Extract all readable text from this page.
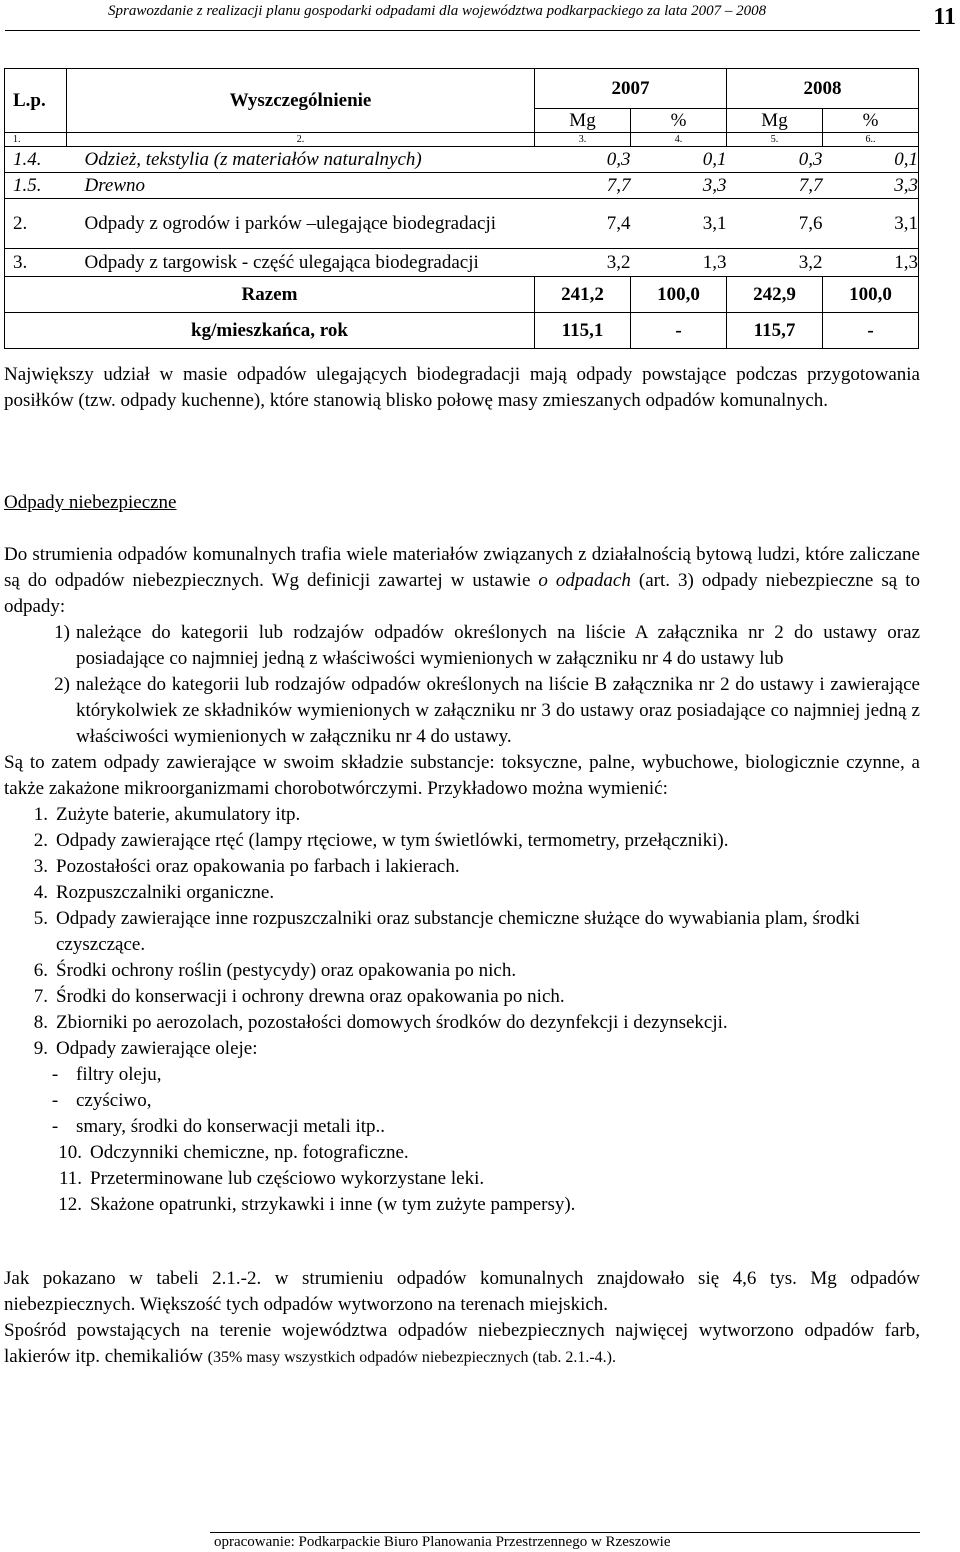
Sprawozdanie z realizacji planu gospodarki odpadami dla województwa podkarpackiego za lata 2007 – 2008	11
L.p.	Wyszczególnienie	2007		2008	
		Mg	%	Mg	%
1.	2.	3.	4.	5.	6..
1.4.	Odzież, tekstylia (z materiałów naturalnych)	0,3	0,1	0,3	0,1
1.5.	Drewno	7,7	3,3	7,7	3,3
2.	Odpady z ogrodów i parków –ulegające biodegradacji	7,4	3,1	7,6	3,1
3.	Odpady z targowisk - część ulegająca biodegradacji	3,2	1,3	3,2	1,3
Razem		241,2	100,0	242,9	100,0
kg/mieszkańca, rok		115,1	-	115,7	-

Największy udział w masie odpadów ulegających biodegradacji mają odpady powstające podczas przygotowania posiłków (tzw. odpady kuchenne), które stanowią blisko połowę masy zmieszanych odpadów komunalnych.

Odpady niebezpieczne

Do strumienia odpadów komunalnych trafia wiele materiałów związanych z działalnością bytową ludzi, które zaliczane są do odpadów niebezpiecznych. Wg definicji zawartej w ustawie o odpadach (art. 3) odpady niebezpieczne są to odpady:

1) należące do kategorii lub rodzajów odpadów określonych na liście A załącznika nr 2 do ustawy oraz posiadające co najmniej jedną z właściwości wymienionych w załączniku nr 4 do ustawy lub
2) należące do kategorii lub rodzajów odpadów określonych na liście B załącznika nr 2 do ustawy i zawierające którykolwiek ze składników wymienionych w załączniku nr 3 do ustawy oraz posiadające co najmniej jedną z właściwości wymienionych w załączniku nr 4 do ustawy.

Są to zatem odpady zawierające w swoim składzie substancje: toksyczne, palne, wybuchowe, biologicznie czynne, a także zakażone mikroorganizmami chorobotwórczymi. Przykładowo można wymienić:

1. Zużyte baterie, akumulatory itp.
2. Odpady zawierające rtęć (lampy rtęciowe, w tym świetlówki, termometry, przełączniki).
3. Pozostałości oraz opakowania po farbach i lakierach.
4. Rozpuszczalniki organiczne.
5. Odpady zawierające inne rozpuszczalniki oraz substancje chemiczne służące do wywabiania plam, środki czyszczące.
6. Środki ochrony roślin (pestycydy) oraz opakowania po nich.
7. Środki do konserwacji i ochrony drewna oraz opakowania po nich.
8. Zbiorniki po aerozolach, pozostałości domowych środków do dezynfekcji i dezynsekcji.
9. Odpady zawierające oleje:
- filtry oleju,
- czyściwo,
- smary, środki do konserwacji metali itp..
10. Odczynniki chemiczne, np. fotograficzne.
11. Przeterminowane lub częściowo wykorzystane leki.
12. Skażone opatrunki, strzykawki i inne (w tym zużyte pampersy).

Jak pokazano w tabeli 2.1.-2. w strumieniu odpadów komunalnych znajdowało się 4,6 tys. Mg odpadów niebezpiecznych. Większość tych odpadów wytworzono na terenach miejskich.

Spośród powstających na terenie województwa odpadów niebezpiecznych najwięcej wytworzono odpadów farb, lakierów itp. chemikaliów (35% masy wszystkich odpadów niebezpiecznych (tab. 2.1.-4.).

opracowanie: Podkarpackie Biuro Planowania Przestrzennego w Rzeszowie
